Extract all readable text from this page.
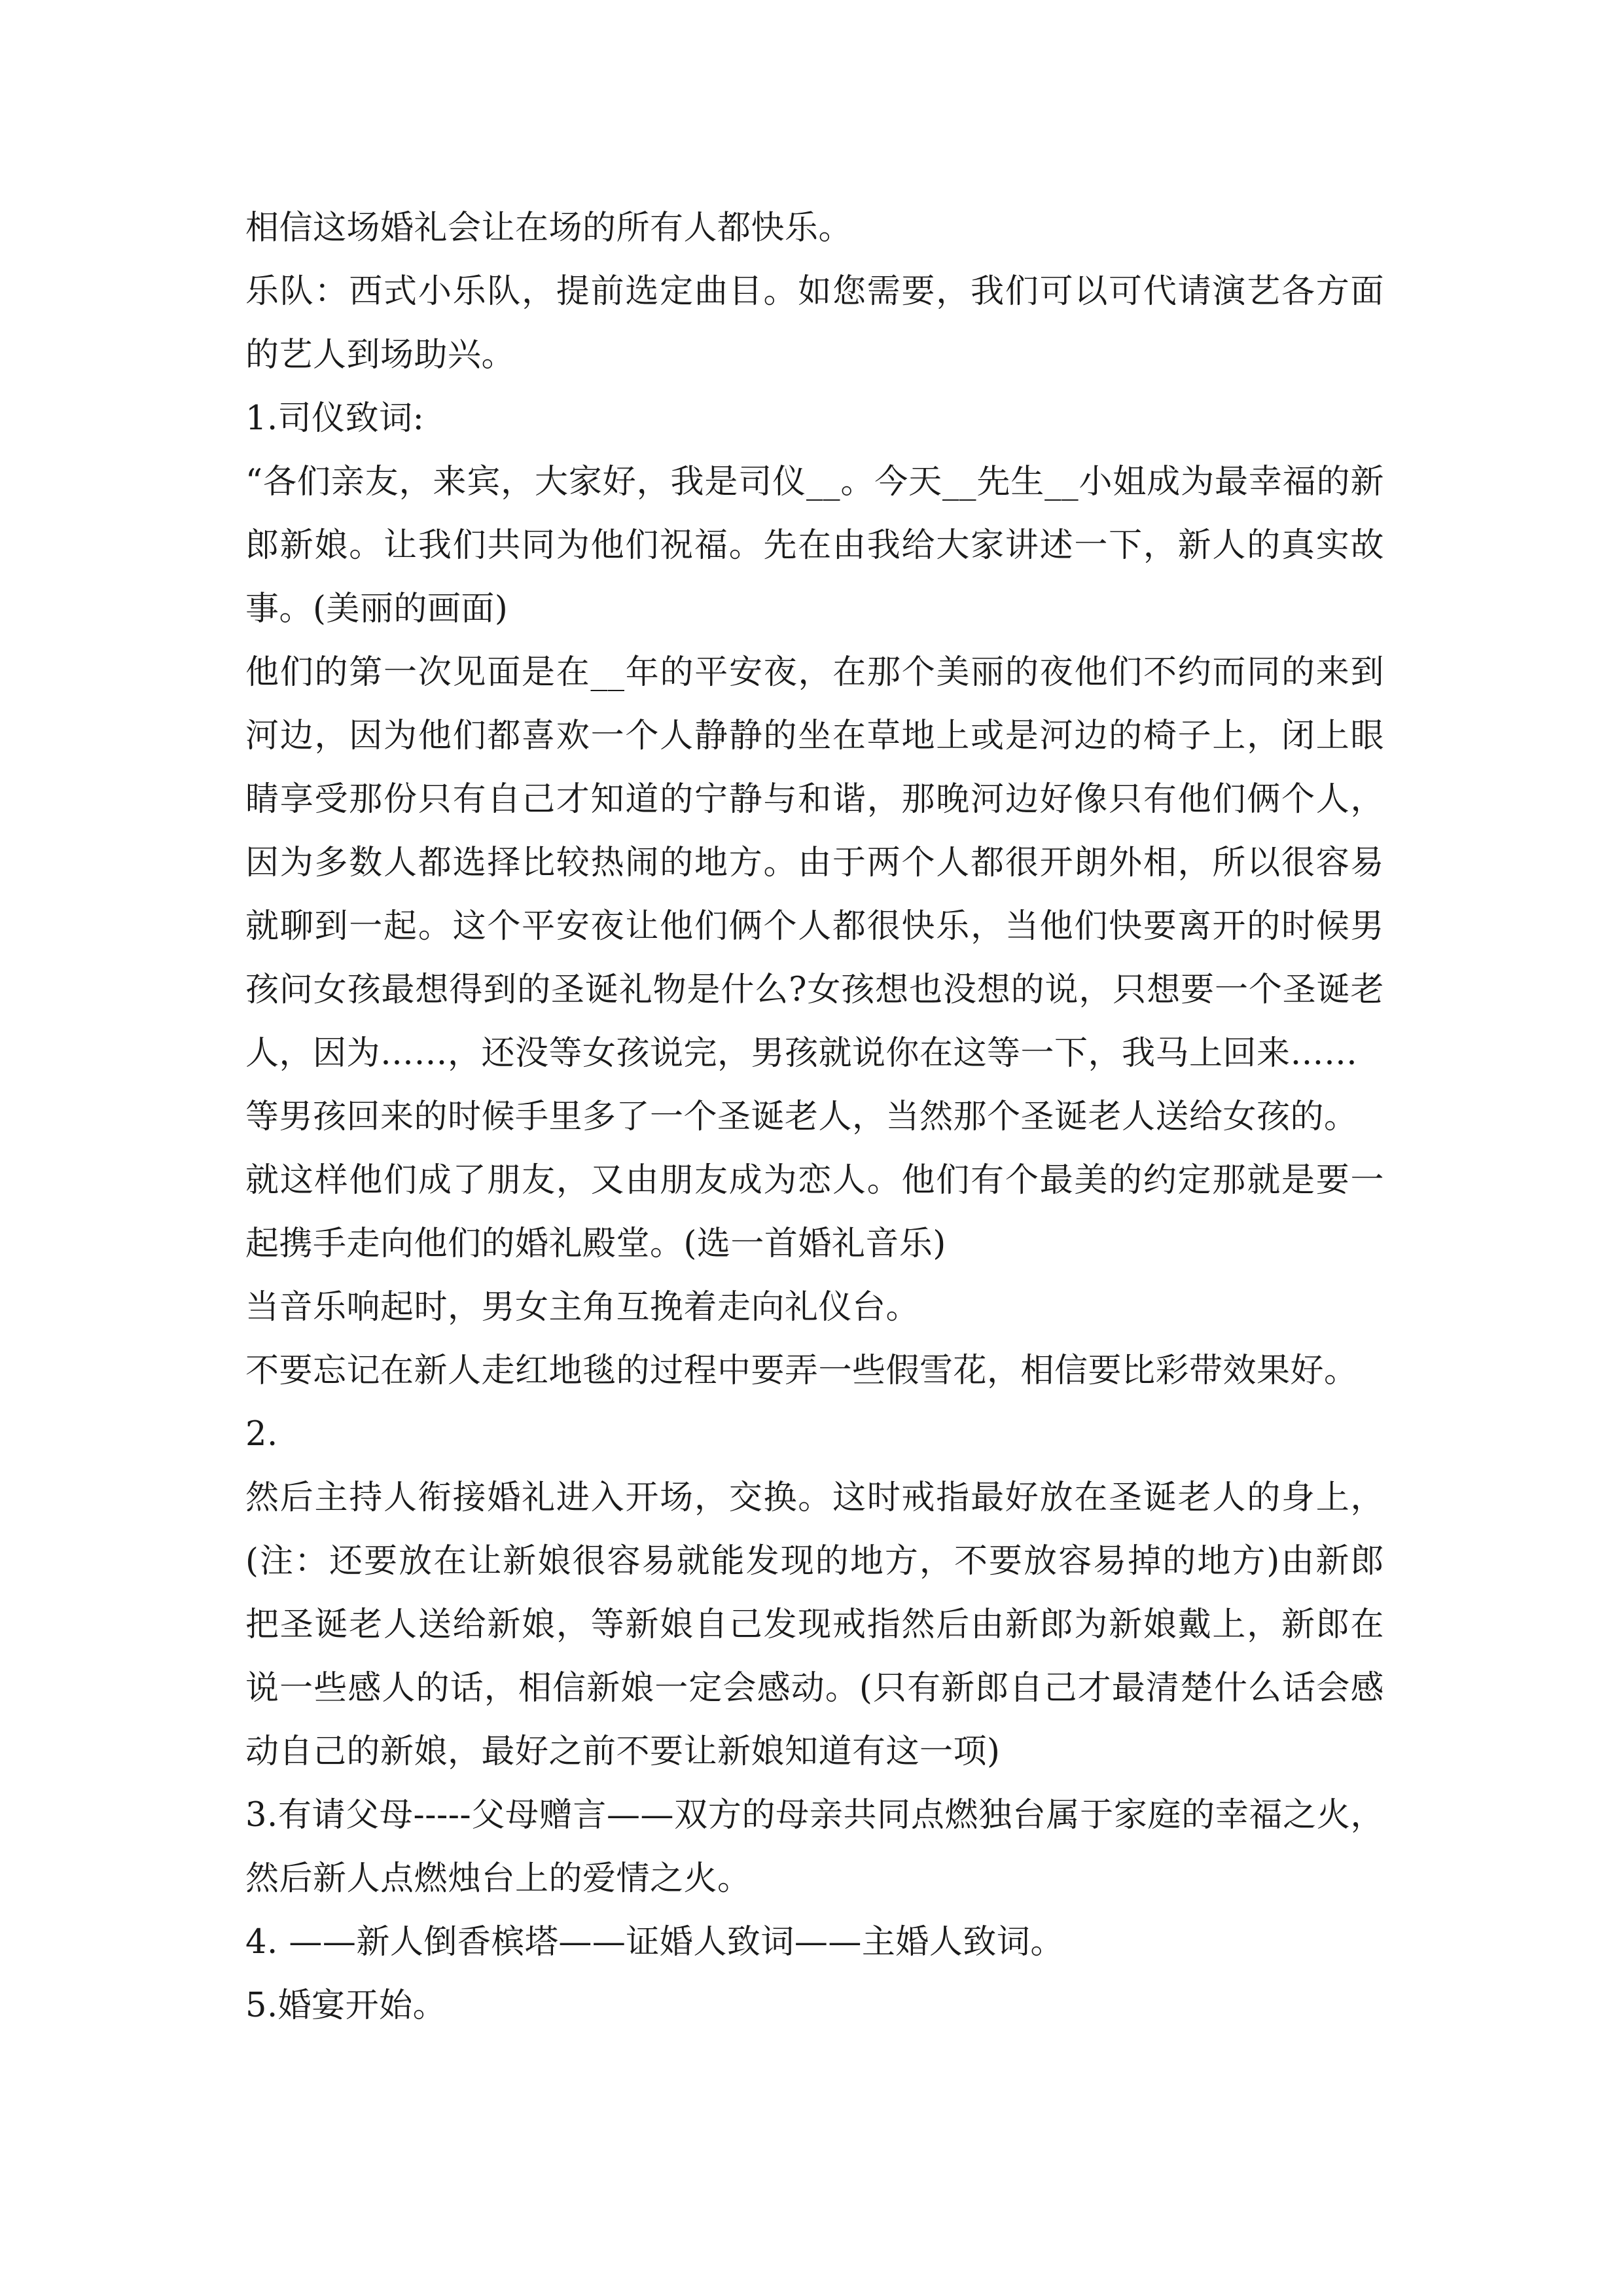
相信这场婚礼会让在场的所有人都快乐。

乐队：西式小乐队，提前选定曲目。如您需要，我们可以可代请演艺各方面的艺人到场助兴。

1.司仪致词:

“各们亲友，来宾，大家好，我是司仪__。今天__先生__小姐成为最幸福的新郎新娘。让我们共同为他们祝福。先在由我给大家讲述一下，新人的真实故事。(美丽的画面)

他们的第一次见面是在__年的平安夜，在那个美丽的夜他们不约而同的来到河边，因为他们都喜欢一个人静静的坐在草地上或是河边的椅子上，闭上眼睛享受那份只有自己才知道的宁静与和谐，那晚河边好像只有他们俩个人，因为多数人都选择比较热闹的地方。由于两个人都很开朗外相，所以很容易就聊到一起。这个平安夜让他们俩个人都很快乐，当他们快要离开的时候男孩问女孩最想得到的圣诞礼物是什么?女孩想也没想的说，只想要一个圣诞老人，因为……，还没等女孩说完，男孩就说你在这等一下，我马上回来……

等男孩回来的时候手里多了一个圣诞老人，当然那个圣诞老人送给女孩的。

就这样他们成了朋友，又由朋友成为恋人。他们有个最美的约定那就是要一起携手走向他们的婚礼殿堂。(选一首婚礼音乐)

当音乐响起时，男女主角互挽着走向礼仪台。

不要忘记在新人走红地毯的过程中要弄一些假雪花，相信要比彩带效果好。

2.

然后主持人衔接婚礼进入开场，交换。这时戒指最好放在圣诞老人的身上，(注：还要放在让新娘很容易就能发现的地方，不要放容易掉的地方)由新郎把圣诞老人送给新娘，等新娘自己发现戒指然后由新郎为新娘戴上，新郎在说一些感人的话，相信新娘一定会感动。(只有新郎自己才最清楚什么话会感动自己的新娘，最好之前不要让新娘知道有这一项)

3.有请父母-----父母赠言——双方的母亲共同点燃独台属于家庭的幸福之火，然后新人点燃烛台上的爱情之火。

4. ——新人倒香槟塔——证婚人致词——主婚人致词。

5.婚宴开始。
